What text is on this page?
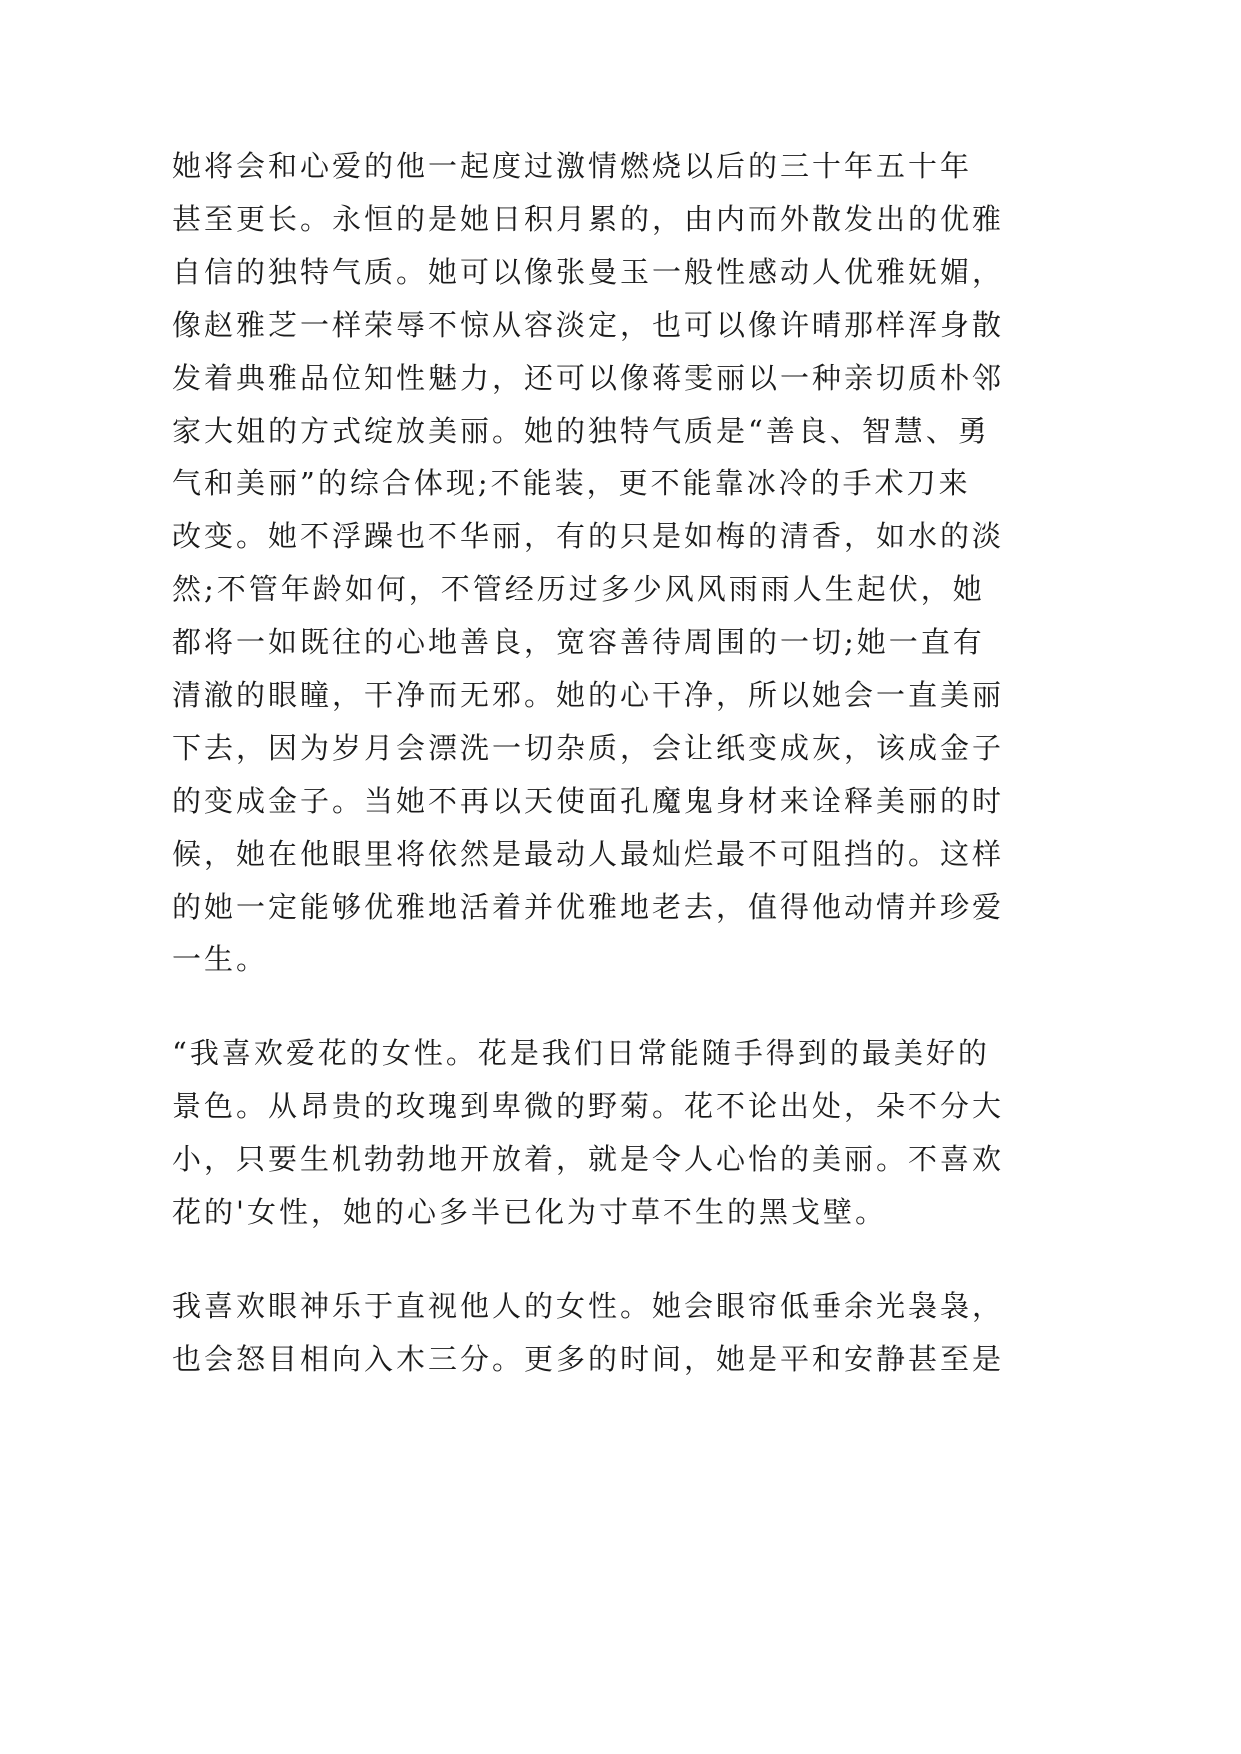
她将会和心爱的他一起度过激情燃烧以后的三十年五十年
甚至更长。永恒的是她日积月累的，由内而外散发出的优雅
自信的独特气质。她可以像张曼玉一般性感动人优雅妩媚，
像赵雅芝一样荣辱不惊从容淡定，也可以像许晴那样浑身散
发着典雅品位知性魅力，还可以像蒋雯丽以一种亲切质朴邻
家大姐的方式绽放美丽。她的独特气质是“善良、智慧、勇
气和美丽”的综合体现;不能装，更不能靠冰冷的手术刀来
改变。她不浮躁也不华丽，有的只是如梅的清香，如水的淡
然;不管年龄如何，不管经历过多少风风雨雨人生起伏，她
都将一如既往的心地善良，宽容善待周围的一切;她一直有
清澈的眼瞳，干净而无邪。她的心干净，所以她会一直美丽
下去，因为岁月会漂洗一切杂质，会让纸变成灰，该成金子
的变成金子。当她不再以天使面孔魔鬼身材来诠释美丽的时
候，她在他眼里将依然是最动人最灿烂最不可阻挡的。这样
的她一定能够优雅地活着并优雅地老去，值得他动情并珍爱
一生。
“我喜欢爱花的女性。花是我们日常能随手得到的最美好的
景色。从昂贵的玫瑰到卑微的野菊。花不论出处，朵不分大
小，只要生机勃勃地开放着，就是令人心怡的美丽。不喜欢
花的'女性，她的心多半已化为寸草不生的黑戈壁。
我喜欢眼神乐于直视他人的女性。她会眼帘低垂余光袅袅，
也会怒目相向入木三分。更多的时间，她是平和安静甚至是
